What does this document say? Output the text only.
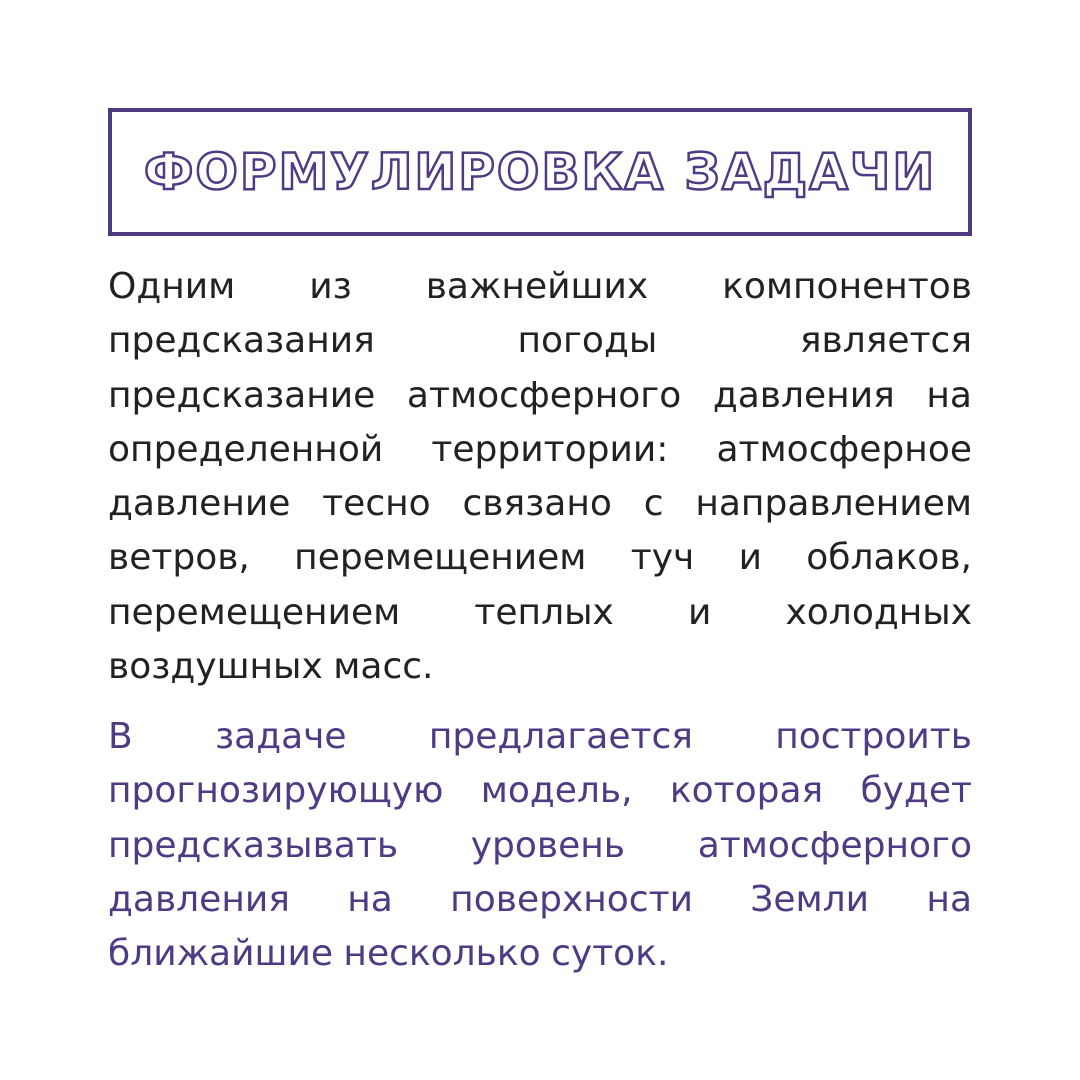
ФОРМУЛИРОВКА ЗАДАЧИ

Одним из важнейших компонентов предсказания погоды является предсказание атмосферного давления на определенной территории: атмосферное давление тесно связано с направлением ветров, перемещением туч и облаков, перемещением теплых и холодных воздушных масс.

В задаче предлагается построить прогнозирующую модель, которая будет предсказывать уровень атмосферного давления на поверхности Земли на ближайшие несколько суток.
